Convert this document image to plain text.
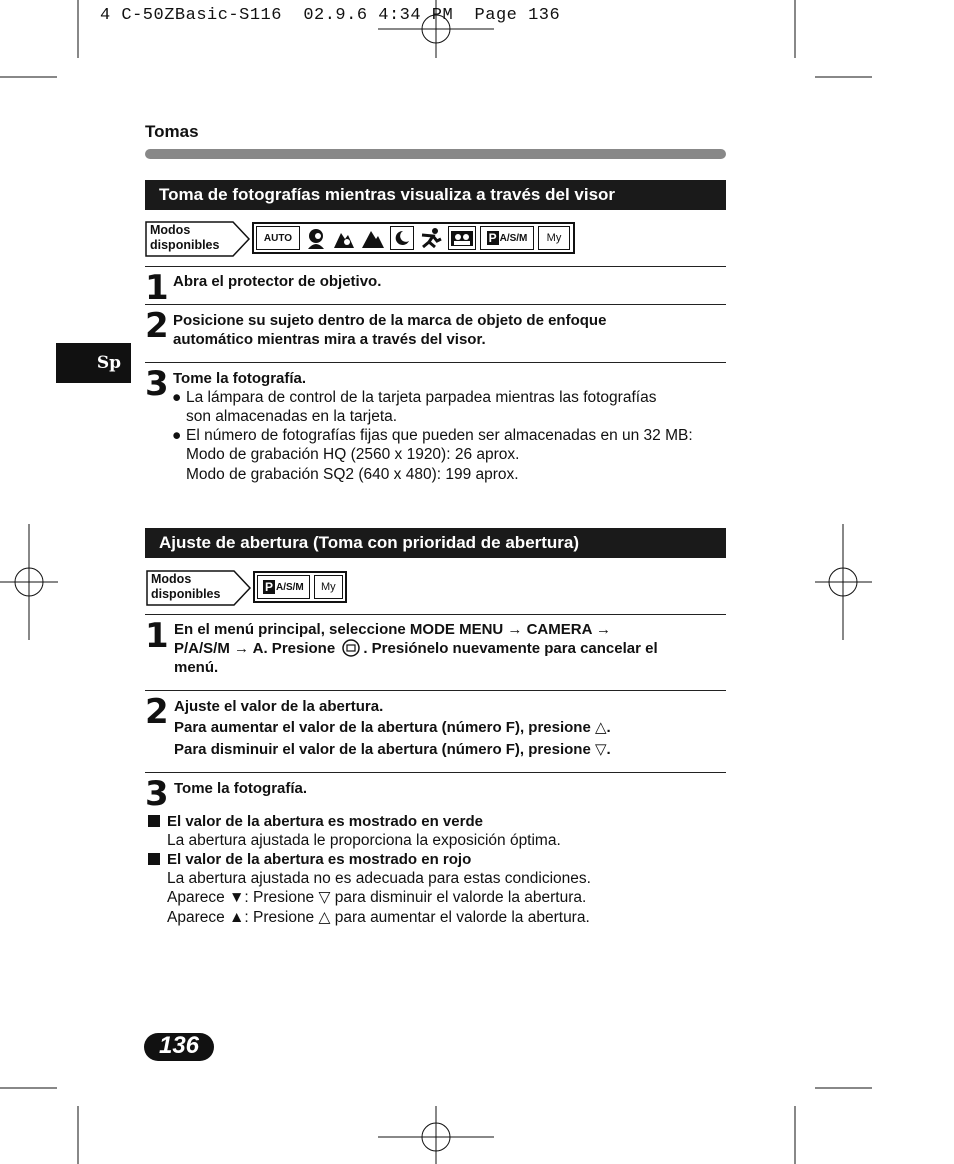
4 C-50ZBasic-S116  02.9.6 4:34 PM  Page 136
Tomas
Sp
Toma de fotografías mientras visualiza a través del visor
Modos
disponibles	AUTO	P A/S/M My
1 Abra el protector de objetivo.
2 Posicione su sujeto dentro de la marca de objeto de enfoque
automático mientras mira a través del visor.
3 Tome la fotografía.
● La lámpara de control de la tarjeta parpadea mientras las fotografías
son almacenadas en la tarjeta.
● El número de fotografías fijas que pueden ser almacenadas en un 32 MB:
Modo de grabación HQ (2560 x 1920): 26 aprox.
Modo de grabación SQ2 (640 x 480): 199 aprox.
Ajuste de abertura (Toma con prioridad de abertura)
Modos
disponibles	P A/S/M My
1 En el menú principal, seleccione MODE MENU → CAMERA →
P/A/S/M → A. Presione . Presiónelo nuevamente para cancelar el
menú.
2 Ajuste el valor de la abertura.
Para aumentar el valor de la abertura (número F), presione △.
Para disminuir el valor de la abertura (número F), presione ▽.
3 Tome la fotografía.
El valor de la abertura es mostrado en verde
La abertura ajustada le proporciona la exposición óptima.
El valor de la abertura es mostrado en rojo
La abertura ajustada no es adecuada para estas condiciones.
Aparece ▼: Presione ▽ para disminuir el valorde la abertura.
Aparece ▲: Presione △ para aumentar el valorde la abertura.
136
